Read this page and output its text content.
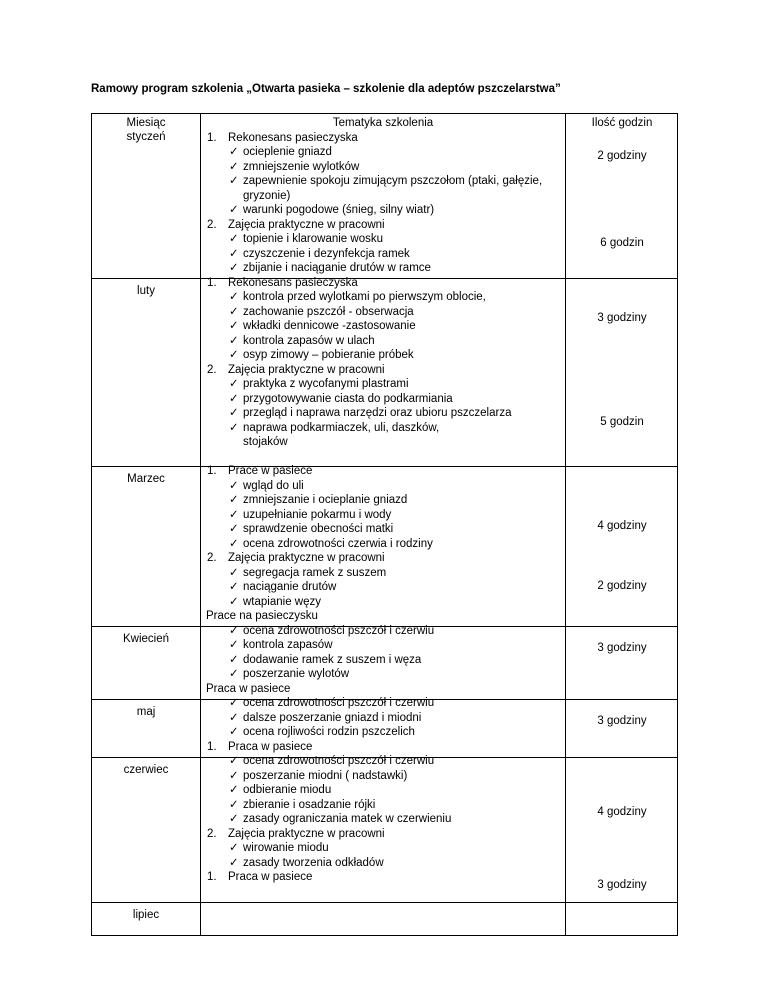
Ramowy program szkolenia „Otwarta pasieka – szkolenie dla adeptów pszczelarstwa”
Miesiąc
styczeń
luty
Marzec
Kwiecień
maj
czerwiec
lipiec
Ilość godzin
2 godziny
6 godzin
3 godziny
5 godzin
4 godziny
2 godziny
3 godziny
3 godziny
4 godziny
3 godziny
Tematyka szkolenia
1. Rekonesans pasieczyska
✓ ocieplenie gniazd
✓ zmniejszenie wylotków
✓ zapewnienie spokoju zimującym pszczołom (ptaki, gałęzie,
gryzonie)
✓ warunki pogodowe (śnieg, silny wiatr)
2. Zajęcia praktyczne w pracowni
✓ topienie i klarowanie wosku
✓ czyszczenie i dezynfekcja ramek
✓ zbijanie i naciąganie drutów w ramce
1. Rekonesans pasieczyska
✓ kontrola przed wylotkami po pierwszym oblocie,
✓ zachowanie pszczół - obserwacja
✓ wkładki dennicowe -zastosowanie
✓ kontrola zapasów w ulach
✓ osyp zimowy – pobieranie próbek
2. Zajęcia praktyczne w pracowni
✓ praktyka z wycofanymi plastrami
✓ przygotowywanie ciasta do podkarmiania
✓ przegląd i naprawa narzędzi oraz ubioru pszczelarza
✓ naprawa podkarmiaczek, uli, daszków,
stojaków
1. Prace w pasiece
✓ wgląd do uli
✓ zmniejszanie i ocieplanie gniazd
✓ uzupełnianie pokarmu i wody
✓ sprawdzenie obecności matki
✓ ocena zdrowotności czerwia i rodziny
2. Zajęcia praktyczne w pracowni
✓ segregacja ramek z suszem
✓ naciąganie drutów
✓ wtapianie węzy
Prace na pasieczysku
✓ ocena zdrowotności pszczół i czerwiu
✓ kontrola zapasów
✓ dodawanie ramek z suszem i węza
✓ poszerzanie wylotów
Praca w pasiece
✓ ocena zdrowotności pszczół i czerwiu
✓ dalsze poszerzanie gniazd i miodni
✓ ocena rojliwości rodzin pszczelich
1. Praca w pasiece
✓ ocena zdrowotności pszczół i czerwiu
✓ poszerzanie miodni ( nadstawki)
✓ odbieranie miodu
✓ zbieranie i osadzanie rójki
✓ zasady ograniczania matek w czerwieniu
2. Zajęcia praktyczne w pracowni
✓ wirowanie miodu
✓ zasady tworzenia odkładów
1. Praca w pasiece
